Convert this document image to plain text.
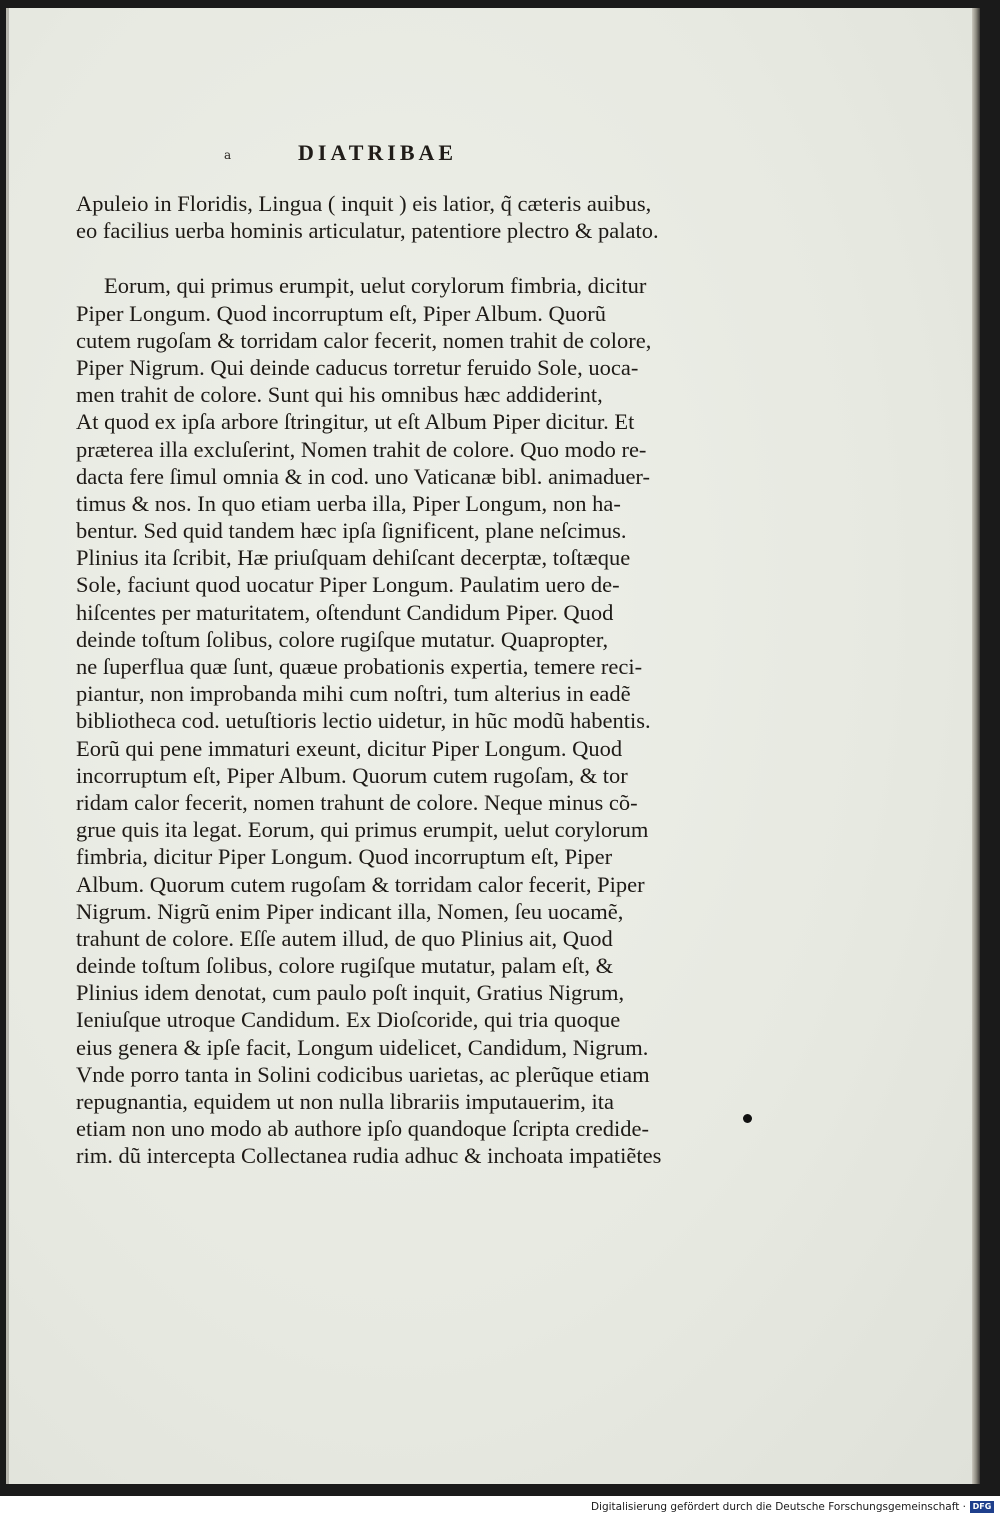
a	DIATRIBAE
Apuleio in Floridis, Lingua ( inquit ) eis latior, q̃ cæteris auibus,
eo facilius uerba hominis articulatur, patentiore plectro & palato.
Eorum, qui primus erumpit, uelut corylorum fimbria, dicitur
Piper Longum. Quod incorruptum eſt, Piper Album. Quorũ
cutem rugoſam & torridam calor fecerit, nomen trahit de colore,
Piper Nigrum. Qui deinde caducus torretur feruido Sole, uoca-
men trahit de colore. Sunt qui his omnibus hæc addiderint,
At quod ex ipſa arbore ſtringitur, ut eſt Album Piper dicitur. Et
præterea illa excluſerint, Nomen trahit de colore. Quo modo re-
dacta fere ſimul omnia & in cod. uno Vaticanæ bibl. animaduer-
timus & nos. In quo etiam uerba illa, Piper Longum, non ha-
bentur. Sed quid tandem hæc ipſa ſignificent, plane neſcimus.
Plinius ita ſcribit, Hæ priuſquam dehiſcant decerptæ, toſtæque
Sole, faciunt quod uocatur Piper Longum. Paulatim uero de-
hiſcentes per maturitatem, oſtendunt Candidum Piper. Quod
deinde toſtum ſolibus, colore rugiſque mutatur. Quapropter,
ne ſuperflua quæ ſunt, quæue probationis expertia, temere reci-
piantur, non improbanda mihi cum noſtri, tum alterius in eadẽ
bibliotheca cod. uetuſtioris lectio uidetur, in hũc modũ habentis.
Eorũ qui pene immaturi exeunt, dicitur Piper Longum. Quod
incorruptum eſt, Piper Album. Quorum cutem rugoſam, & tor
ridam calor fecerit, nomen trahunt de colore. Neque minus cõ-
grue quis ita legat. Eorum, qui primus erumpit, uelut corylorum
fimbria, dicitur Piper Longum. Quod incorruptum eſt, Piper
Album. Quorum cutem rugoſam & torridam calor fecerit, Piper
Nigrum. Nigrũ enim Piper indicant illa, Nomen, ſeu uocamẽ,
trahunt de colore. Eſſe autem illud, de quo Plinius ait, Quod
deinde toſtum ſolibus, colore rugiſque mutatur, palam eſt, &
Plinius idem denotat, cum paulo poſt inquit, Gratius Nigrum,
Ieniuſque utroque Candidum. Ex Dioſcoride, qui tria quoque
eius genera & ipſe facit, Longum uidelicet, Candidum, Nigrum.
Vnde porro tanta in Solini codicibus uarietas, ac plerũque etiam
repugnantia, equidem ut non nulla librariis imputauerim, ita
etiam non uno modo ab authore ipſo quandoque ſcripta credide-
rim. dũ intercepta Collectanea rudia adhuc & inchoata impatiẽtes
Digitalisierung gefördert durch die Deutsche Forschungsgemeinschaft · DFG
